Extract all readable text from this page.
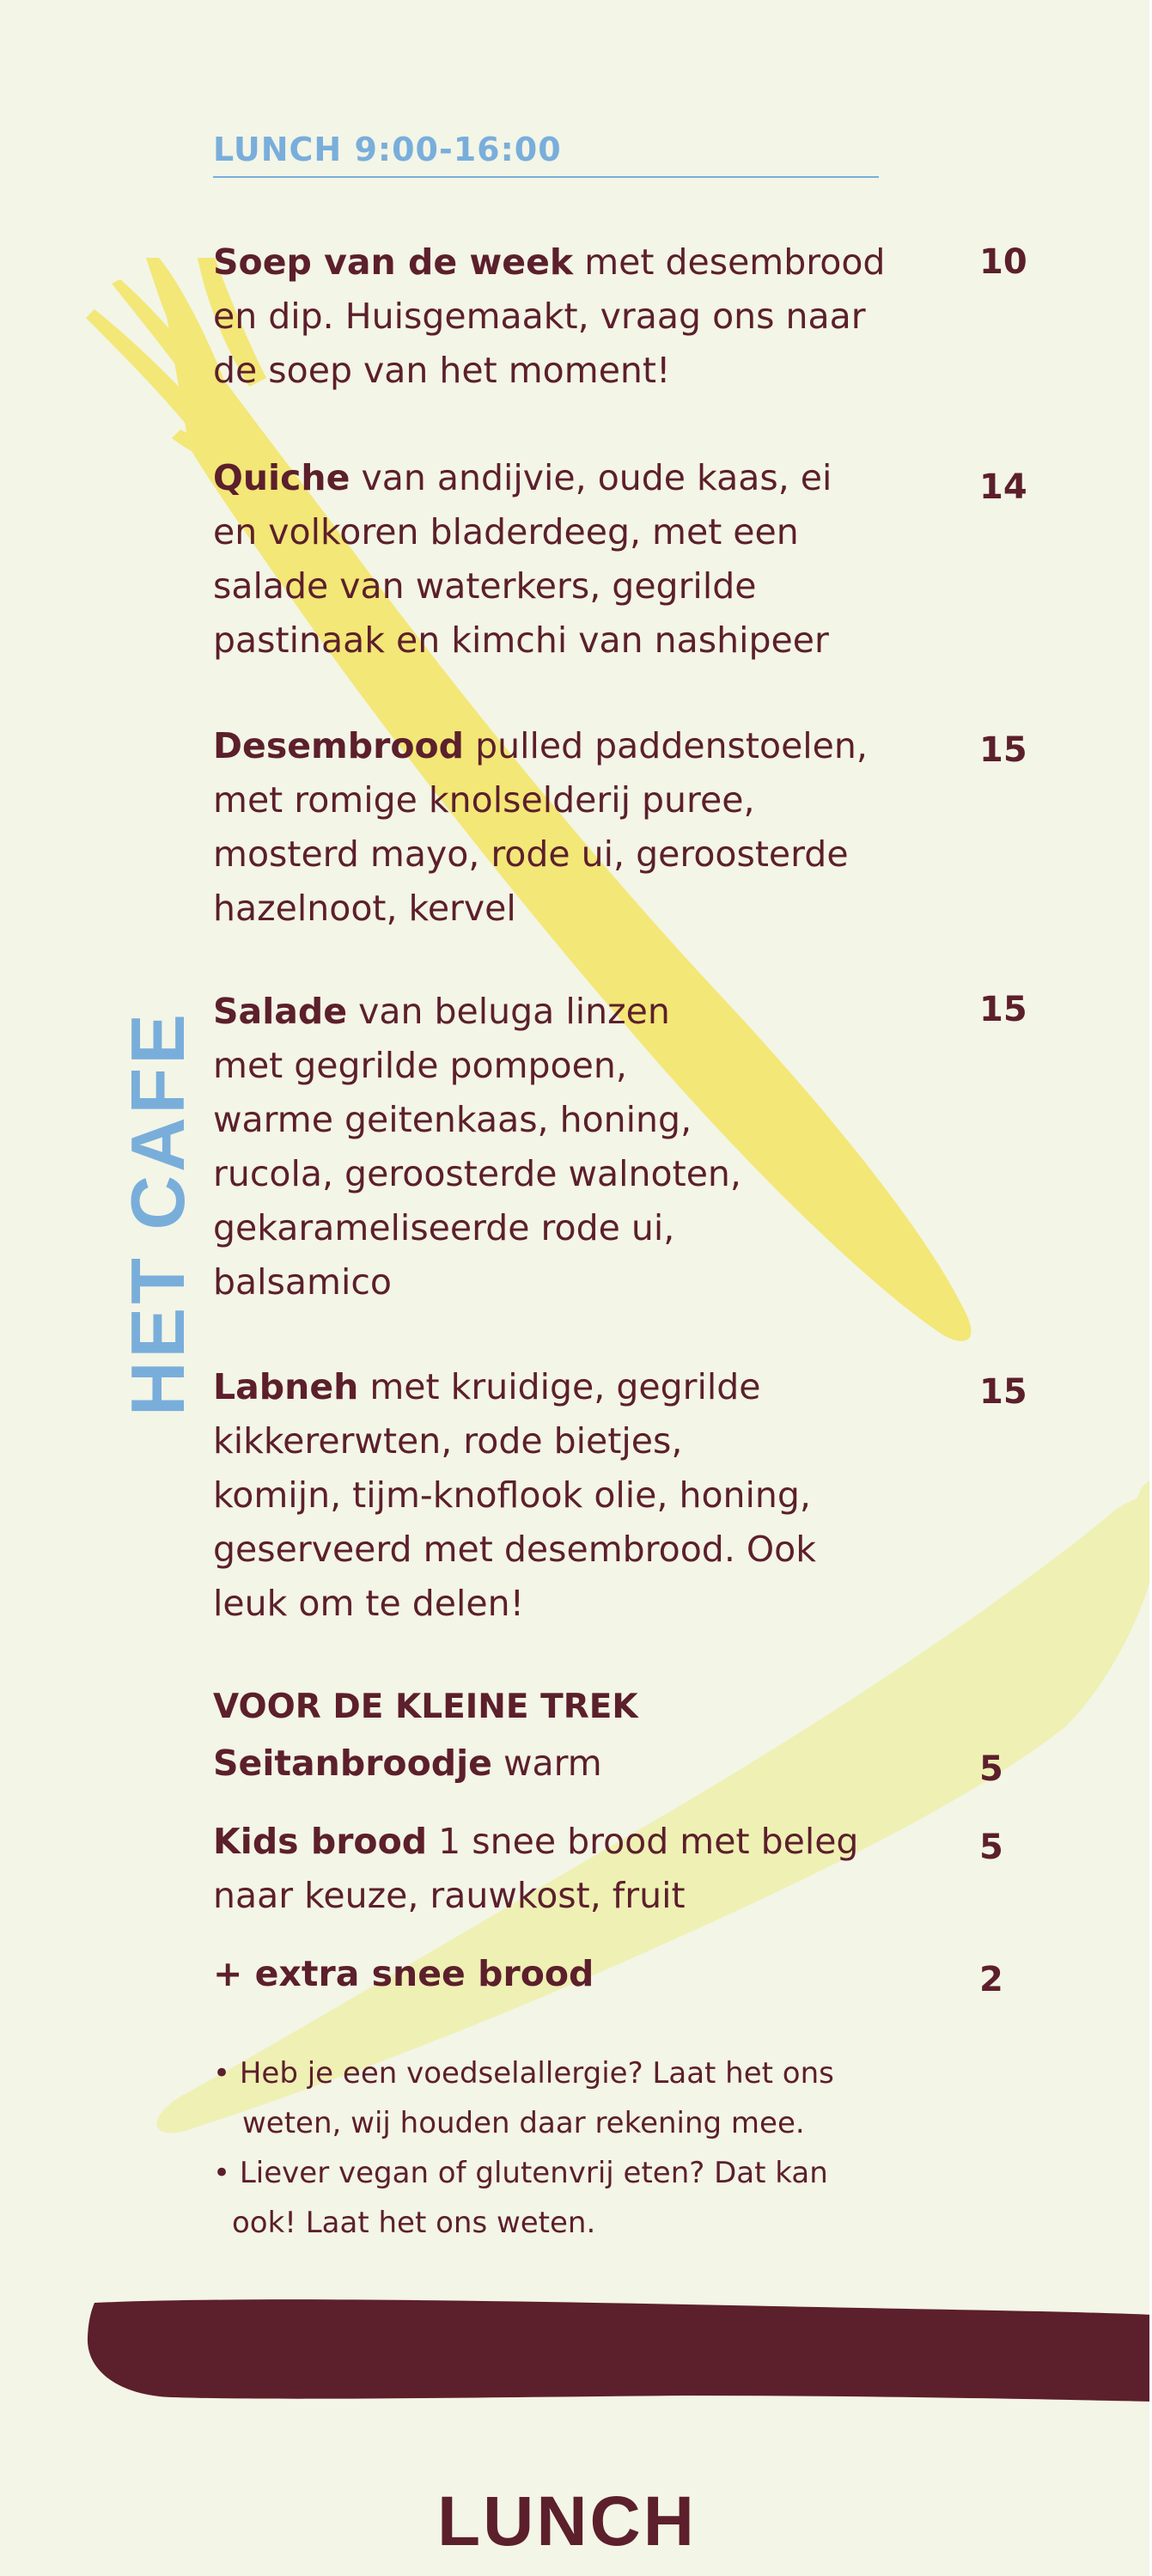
LUNCH 9:00-16:00
HET CAFE
Soep van de week met desembrood
en dip. Huisgemaakt, vraag ons naar
de soep van het moment!
10
Quiche van andijvie, oude kaas, ei
en volkoren bladerdeeg, met een
salade van waterkers, gegrilde
pastinaak en kimchi van nashipeer
14
Desembrood pulled paddenstoelen,
met romige knolselderij puree,
mosterd mayo, rode ui, geroosterde
hazelnoot, kervel
15
Salade van beluga linzen
met gegrilde pompoen,
warme geitenkaas, honing,
rucola, geroosterde walnoten,
gekarameliseerde rode ui,
balsamico
15
Labneh met kruidige, gegrilde
kikkererwten, rode bietjes,
komijn, tijm-knoflook olie, honing,
geserveerd met desembrood. Ook
leuk om te delen!
15
VOOR DE KLEINE TREK
Seitanbroodje warm	5
Kids brood 1 snee brood met beleg
naar keuze, rauwkost, fruit
5
+ extra snee brood	2
• Heb je een voedselallergie? Laat het ons
weten, wij houden daar rekening mee.
• Liever vegan of glutenvrij eten? Dat kan
ook! Laat het ons weten.
LUNCH
